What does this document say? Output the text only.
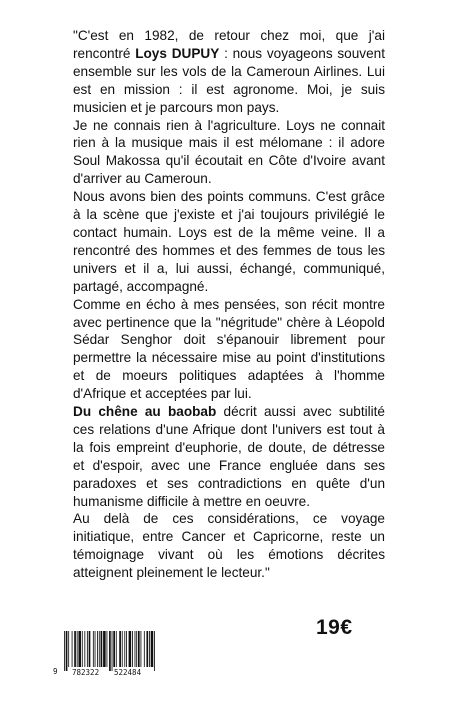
"C'est en 1982, de retour chez moi, que j'ai rencontré Loys DUPUY : nous voyageons souvent ensemble sur les vols de la Cameroun Airlines. Lui est en mission : il est agronome. Moi, je suis musicien et je parcours mon pays.

Je ne connais rien à l'agriculture. Loys ne connait rien à la musique mais il est mélomane : il adore Soul Makossa qu'il écoutait en Côte d'Ivoire avant d'arriver au Cameroun.

Nous avons bien des points communs. C'est grâce à la scène que j'existe et j'ai toujours privilégié le contact humain. Loys est de la même veine. Il a rencontré des hommes et des femmes de tous les univers et il a, lui aussi, échangé, communiqué, partagé, accompagné.

Comme en écho à mes pensées, son récit montre avec pertinence que la "négritude" chère à Léopold Sédar Senghor doit s'épanouir librement pour permettre la nécessaire mise au point d'institutions et de moeurs politiques adaptées à l'homme d'Afrique et acceptées par lui.

Du chêne au baobab décrit aussi avec subtilité ces relations d'une Afrique dont l'univers est tout à la fois empreint d'euphorie, de doute, de détresse et d'espoir, avec une France engluée dans ses paradoxes et ses contradictions en quête d'un humanisme difficile à mettre en oeuvre.

Au delà de ces considérations, ce voyage initiatique, entre Cancer et Capricorne, reste un témoignage vivant où les émotions décrites atteignent pleinement le lecteur."

19€
9 782322 522484
